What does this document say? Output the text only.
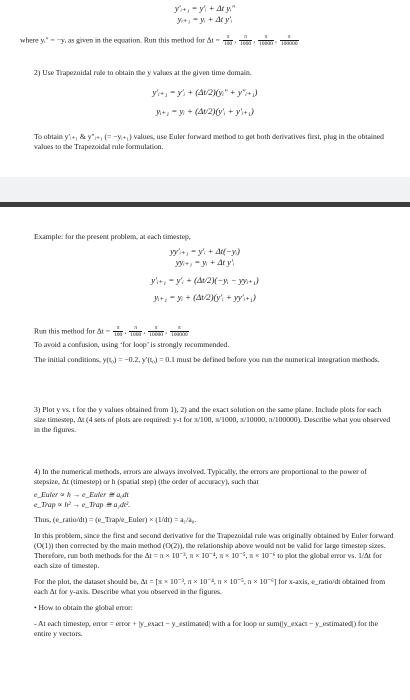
y′ᵢ₊₁ = y′ᵢ + Δt yᵢ″

yᵢ₊₁ = yᵢ + Δt y′ᵢ

where yᵢ″ = −yᵢ as given in the equation. Run this method for $\Delta t = \frac{\pi}{100}$ , $\frac{\pi}{1000}$ , $\frac{\pi}{10000}$ , $\frac{\pi}{100000}$

2) Use Trapezoidal rule to obtain the y values at the given time domain.

y′ᵢ₊₁ = y′ᵢ + (Δt/2)(yᵢ″ + y″ᵢ₊₁)

yᵢ₊₁ = yᵢ + (Δt/2)(y′ᵢ + y′ᵢ₊₁)

To obtain y′ᵢ₊₁ & y″ᵢ₊₁ (= −yᵢ₊₁) values, use Euler forward method to get both derivatives first, plug in the obtained values to the Trapezoidal rule formulation.

Example: for the present problem, at each timestep,

yy′ᵢ₊₁ = y′ᵢ + Δt(−yᵢ)

yyᵢ₊₁ = yᵢ + Δt y′ᵢ

y′ᵢ₊₁ = y′ᵢ + (Δt/2)(−yᵢ − yyᵢ₊₁)

yᵢ₊₁ = yᵢ + (Δt/2)(y′ᵢ + yy′ᵢ₊₁)

Run this method for $\Delta t = \frac{\pi}{100}$ , $\frac{\pi}{1000}$ , $\frac{\pi}{10000}$ , $\frac{\pi}{100000}$

To avoid a confusion, using ‘for loop’ is strongly recommended.

The initial conditions, y(t₀) = −0.2, y′(t₀) = 0.1 must be defined before you run the numerical integration methods.

3) Plot y vs. t for the y values obtained from 1), 2) and the exact solution on the same plane. Include plots for each size timestep, Δt (4 sets of plots are required: y-t for π/100, π/1000, π/10000, π/100000). Describe what you observed in the figures.

4) In the numerical methods, errors are always involved. Typically, the errors are proportional to the power of stepsize, Δt (timestep) or h (spatial step) (the order of accuracy), such that

e_Euler ∝ h → e_Euler ≅ a₀dt

e_Trap ∝ h² → e_Trap ≅ a₁dt².

Thus, (e_ratio/dt) = (e_Trap/e_Euler) × (1/dt) = a₁/a₀.

In this problem, since the first and second derivative for the Trapezoidal rule was originally obtained by Euler forward (O(1)) then corrected by the main method (O(2)), the relationship above would not be valid for large timestep sizes. Therefore, run both methods for the Δt = π × 10⁻³, π × 10⁻⁴, π × 10⁻⁵, π × 10⁻⁶ to plot the global error vs. 1/Δt for each size of timestep.

For the plot, the dataset should be, Δt = [π × 10⁻³, π × 10⁻⁴, π × 10⁻⁵, π × 10⁻⁶] for x-axis, e_ratio/dt obtained from each Δt for y-axis. Describe what you observed in the figures.

• How to obtain the global error:

- At each timestep, error = error + |y_exact − y_estimated| with a for loop or sum(|y_exact − y_estimated|) for the entire y vectors.
